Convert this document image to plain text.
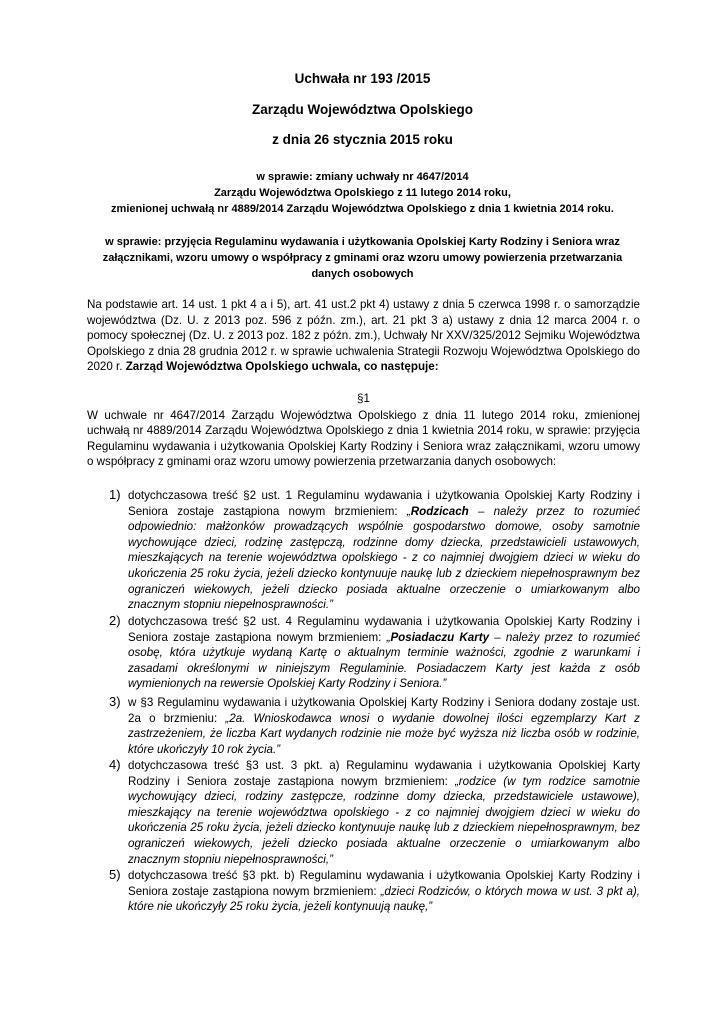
Uchwała nr 193 /2015
Zarządu Województwa Opolskiego
z dnia 26 stycznia 2015 roku
w sprawie: zmiany uchwały nr 4647/2014
Zarządu Województwa Opolskiego z 11 lutego 2014 roku,
zmienionej uchwałą nr 4889/2014 Zarządu Województwa Opolskiego z dnia 1 kwietnia 2014 roku.
w sprawie: przyjęcia Regulaminu wydawania i użytkowania Opolskiej Karty Rodziny i Seniora wraz
załącznikami, wzoru umowy o współpracy z gminami oraz wzoru umowy powierzenia przetwarzania
danych osobowych
Na podstawie art. 14 ust. 1 pkt 4 a i 5), art. 41 ust.2 pkt 4) ustawy z dnia 5 czerwca 1998 r. o samorządzie województwa (Dz. U. z 2013 poz. 596 z późn. zm.), art. 21 pkt 3 a) ustawy z dnia 12 marca 2004 r. o pomocy społecznej (Dz. U. z 2013 poz. 182 z późn. zm.), Uchwały Nr XXV/325/2012 Sejmiku Województwa Opolskiego z dnia 28 grudnia 2012 r. w sprawie uchwalenia Strategii Rozwoju Województwa Opolskiego do 2020 r. Zarząd Województwa Opolskiego uchwala, co następuje:
§1
W uchwale nr 4647/2014 Zarządu Województwa Opolskiego z dnia 11 lutego 2014 roku, zmienionej uchwałą nr 4889/2014 Zarządu Województwa Opolskiego z dnia 1 kwietnia 2014 roku, w sprawie: przyjęcia Regulaminu wydawania i użytkowania Opolskiej Karty Rodziny i Seniora wraz załącznikami, wzoru umowy o współpracy z gminami oraz wzoru umowy powierzenia przetwarzania danych osobowych:
1) dotychczasowa treść §2 ust. 1 Regulaminu wydawania i użytkowania Opolskiej Karty Rodziny i Seniora zostaje zastąpiona nowym brzmieniem: „Rodzicach – należy przez to rozumieć odpowiednio: małżonków prowadzących wspólnie gospodarstwo domowe, osoby samotnie wychowujące dzieci, rodzinę zastępczą, rodzinne domy dziecka, przedstawicieli ustawowych, mieszkających na terenie województwa opolskiego - z co najmniej dwojgiem dzieci w wieku do ukończenia 25 roku życia, jeżeli dziecko kontynuuje naukę lub z dzieckiem niepełnosprawnym bez ograniczeń wiekowych, jeżeli dziecko posiada aktualne orzeczenie o umiarkowanym albo znacznym stopniu niepełnosprawności.”
2) dotychczasowa treść §2 ust. 4 Regulaminu wydawania i użytkowania Opolskiej Karty Rodziny i Seniora zostaje zastąpiona nowym brzmieniem: „Posiadaczu Karty – należy przez to rozumieć osobę, która użytkuje wydaną Kartę o aktualnym terminie ważności, zgodnie z warunkami i zasadami określonymi w niniejszym Regulaminie. Posiadaczem Karty jest każda z osób wymienionych na rewersie Opolskiej Karty Rodziny i Seniora.”
3) w §3 Regulaminu wydawania i użytkowania Opolskiej Karty Rodziny i Seniora dodany zostaje ust. 2a o brzmieniu: „2a. Wnioskodawca wnosi o wydanie dowolnej ilości egzemplarzy Kart z zastrzeżeniem, że liczba Kart wydanych rodzinie nie może być wyższa niż liczba osób w rodzinie, które ukończyły 10 rok życia.”
4) dotychczasowa treść §3 ust. 3 pkt. a) Regulaminu wydawania i użytkowania Opolskiej Karty Rodziny i Seniora zostaje zastąpiona nowym brzmieniem: „rodzice (w tym rodzice samotnie wychowujący dzieci, rodziny zastępcze, rodzinne domy dziecka, przedstawiciele ustawowe), mieszkający na terenie województwa opolskiego - z co najmniej dwojgiem dzieci w wieku do ukończenia 25 roku życia, jeżeli dziecko kontynuuje naukę lub z dzieckiem niepełnosprawnym, bez ograniczeń wiekowych, jeżeli dziecko posiada aktualne orzeczenie o umiarkowanym albo znacznym stopniu niepełnosprawności,”
5) dotychczasowa treść §3 pkt. b) Regulaminu wydawania i użytkowania Opolskiej Karty Rodziny i Seniora zostaje zastąpiona nowym brzmieniem: „dzieci Rodziców, o których mowa w ust. 3 pkt a), które nie ukończyły 25 roku życia, jeżeli kontynuują naukę,”
